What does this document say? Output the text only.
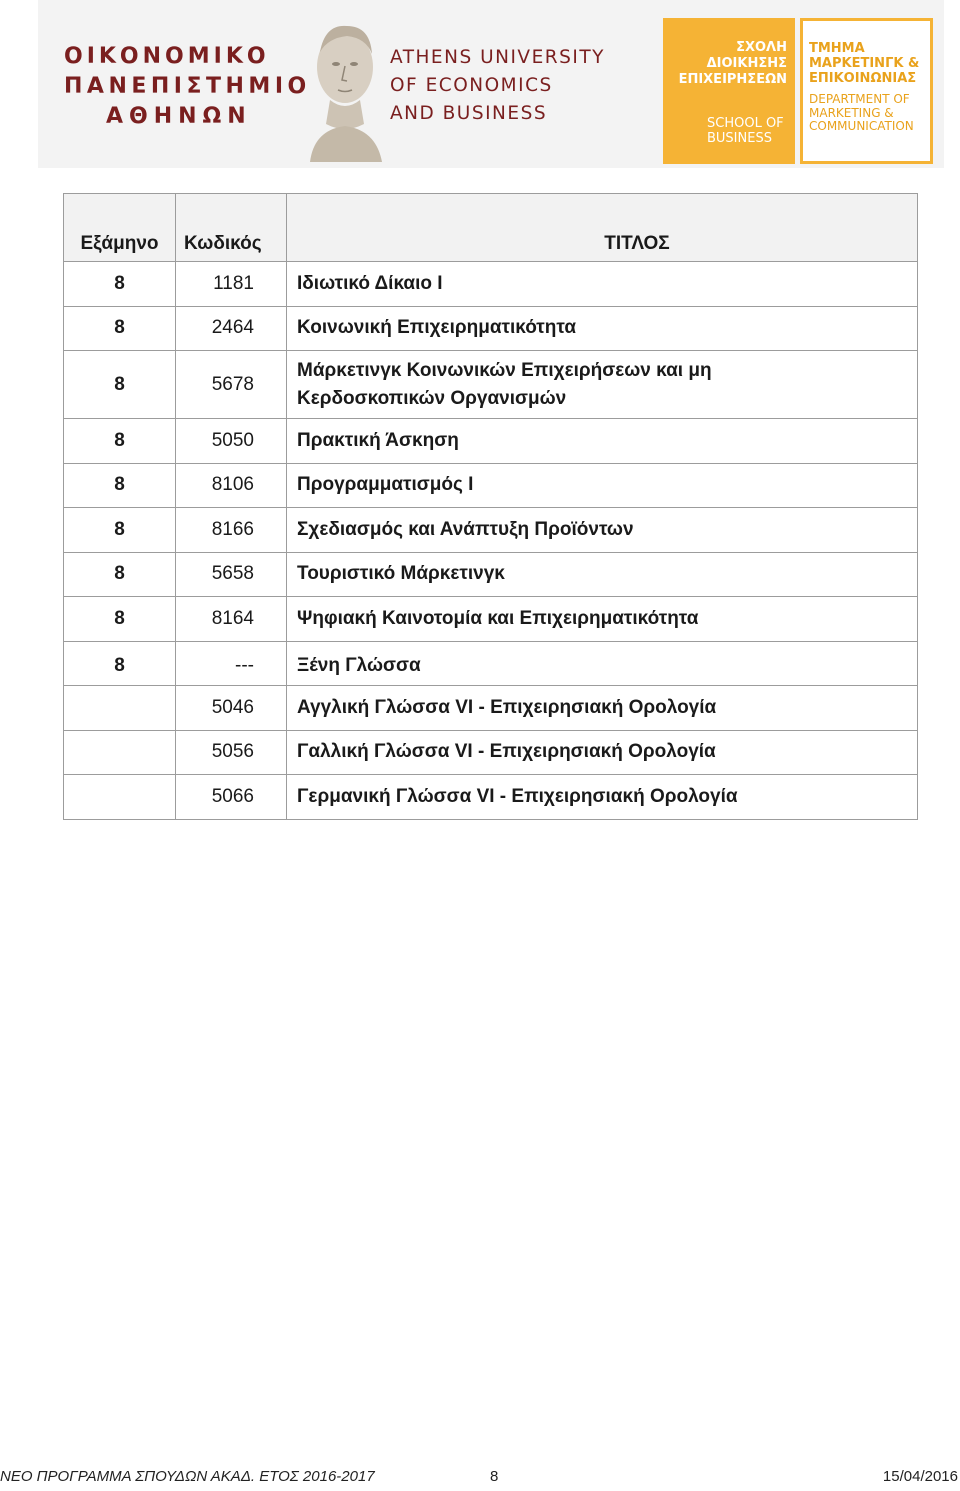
ΟΙΚΟΝΟΜΙΚΟ
ΠΑΝΕΠΙΣΤΗΜΙΟ
ΑΘΗΝΩΝ
ATHENS UNIVERSITY
OF ECONOMICS
AND BUSINESS
ΣΧΟΛΗ
ΔΙΟΙΚΗΣΗΣ
ΕΠΙΧΕΙΡΗΣΕΩΝ
SCHOOL OF
BUSINESS
ΤΜΗΜΑ
ΜΑΡΚΕΤΙΝΓΚ &
ΕΠΙΚΟΙΝΩΝΙΑΣ
DEPARTMENT OF
MARKETING &
COMMUNICATION
Εξάμηνο	Κωδικός	ΤΙΤΛΟΣ
8	1181	Ιδιωτικό Δίκαιο Ι
8	2464	Κοινωνική Επιχειρηματικότητα
8	5678	Μάρκετινγκ Κοινωνικών Επιχειρήσεων και μη
Κερδοσκοπικών Οργανισμών

8	5050	Πρακτική Άσκηση
8	8106	Προγραμματισμός Ι
8	8166	Σχεδιασμός και Ανάπτυξη Προϊόντων
8	5658	Τουριστικό Μάρκετινγκ
8	8164	Ψηφιακή Καινοτομία και Επιχειρηματικότητα
8	---	Ξένη Γλώσσα
	5046	Αγγλική Γλώσσα VI - Επιχειρησιακή Ορολογία
	5056	Γαλλική Γλώσσα VI - Επιχειρησιακή Ορολογία
	5066	Γερμανική Γλώσσα VI - Επιχειρησιακή Ορολογία
ΝΕΟ ΠΡΟΓΡΑΜΜΑ ΣΠΟΥΔΩΝ ΑΚΑΔ. ΕΤΟΣ 2016-2017	8	15/04/2016
